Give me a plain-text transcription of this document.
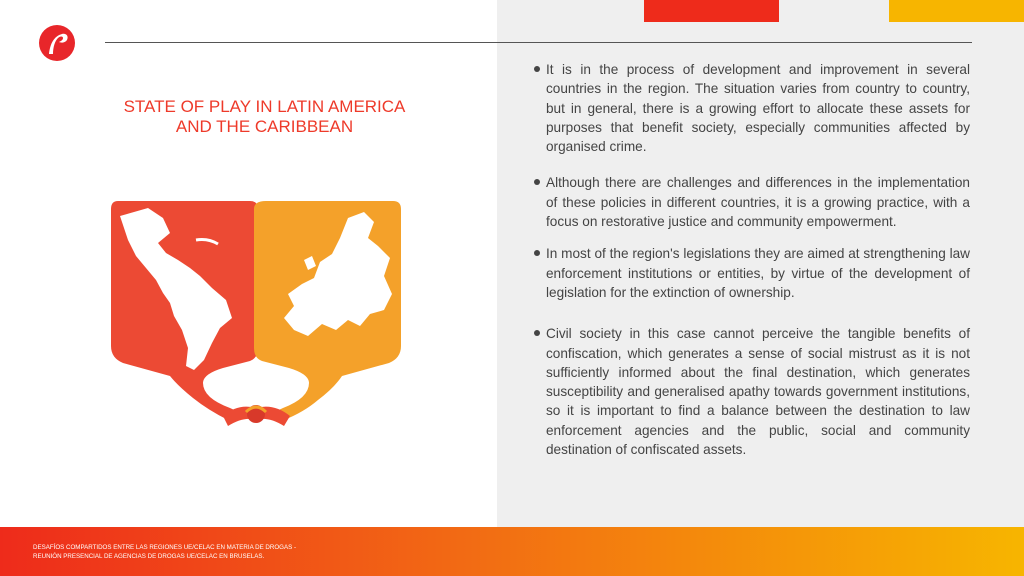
STATE OF PLAY IN LATIN AMERICA
AND THE CARIBBEAN
It is in the process of development and improvement in several countries in the region. The situation varies from country to country, but in general, there is a growing effort to allocate these assets for purposes that benefit society, especially communities affected by organised crime.
Although there are challenges and differences in the implementation of these policies in different countries, it is a growing practice, with a focus on restorative justice and community empowerment.
In most of the region's legislations they are aimed at strengthening law enforcement institutions or entities, by virtue of the development of legislation for the extinction of ownership.
Civil society in this case cannot perceive the tangible benefits of confiscation, which generates a sense of social mistrust as it is not sufficiently informed about the final destination, which generates susceptibility and generalised apathy towards government institutions, so it is important to find a balance between the destination to law enforcement agencies and the public, social and community destination of confiscated assets.
DESAFÍOS COMPARTIDOS ENTRE LAS REGIONES UE/CELAC EN MATERIA DE DROGAS -
REUNIÓN PRESENCIAL DE AGENCIAS DE DROGAS UE/CELAC EN BRUSELAS.
